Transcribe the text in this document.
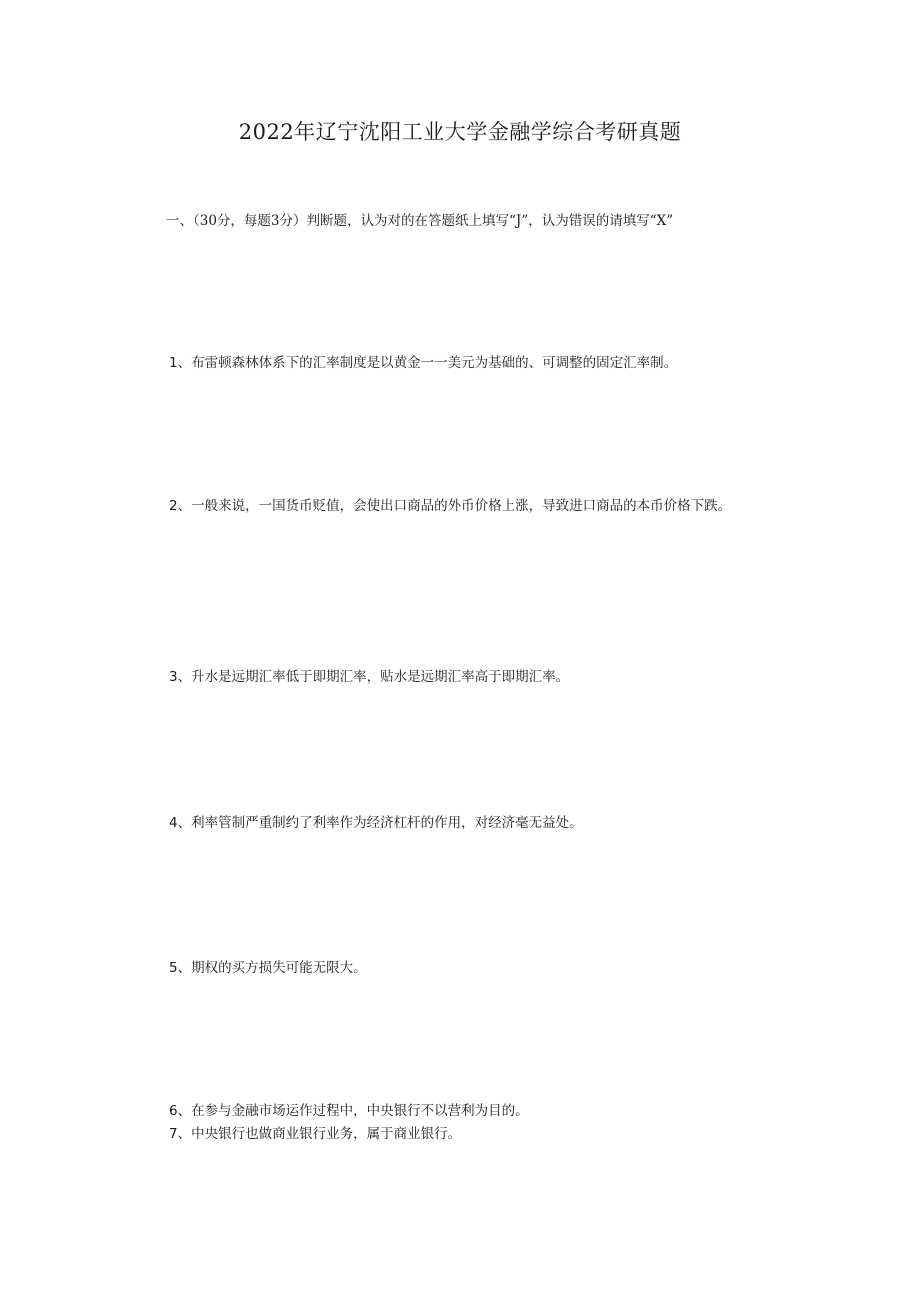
2022年辽宁沈阳工业大学金融学综合考研真题
一、（30分，每题3分）判断题，认为对的在答题纸上填写“J”，认为错误的请填写“X”
1、布雷顿森林体系下的汇率制度是以黄金一一美元为基础的、可调整的固定汇率制。
2、一般来说，一国货币贬值，会使出口商品的外币价格上涨，导致进口商品的本币价格下跌。
3、升水是远期汇率低于即期汇率，贴水是远期汇率高于即期汇率。
4、利率管制严重制约了利率作为经济杠杆的作用，对经济毫无益处。
5、期权的买方损失可能无限大。
6、在参与金融市场运作过程中，中央银行不以营利为目的。
7、中央银行也做商业银行业务，属于商业银行。
